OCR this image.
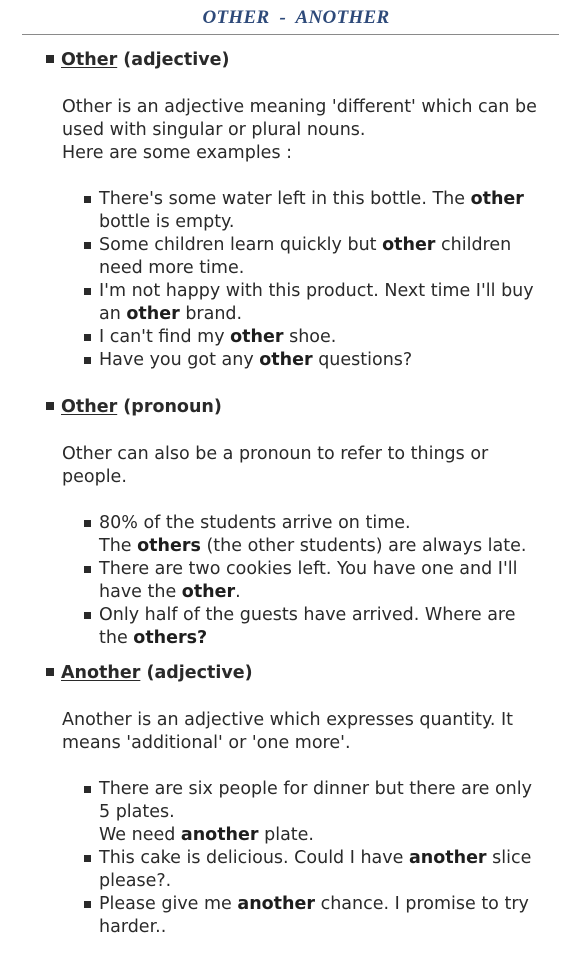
OTHER  -  ANOTHER
Other (adjective)
Other is an adjective meaning 'different' which can be
used with singular or plural nouns.
Here are some examples :
There's some water left in this bottle. The other
bottle is empty.
Some children learn quickly but other children
need more time.
I'm not happy with this product. Next time I'll buy
an other brand.
I can't find my other shoe.
Have you got any other questions?
Other (pronoun)
Other can also be a pronoun to refer to things or
people.
80% of the students arrive on time.
The others (the other students) are always late.
There are two cookies left. You have one and I'll
have the other.
Only half of the guests have arrived. Where are
the others?
Another (adjective)
Another is an adjective which expresses quantity. It
means 'additional' or 'one more'.
There are six people for dinner but there are only
5 plates.
We need another plate.
This cake is delicious. Could I have another slice
please?.
Please give me another chance. I promise to try
harder..
